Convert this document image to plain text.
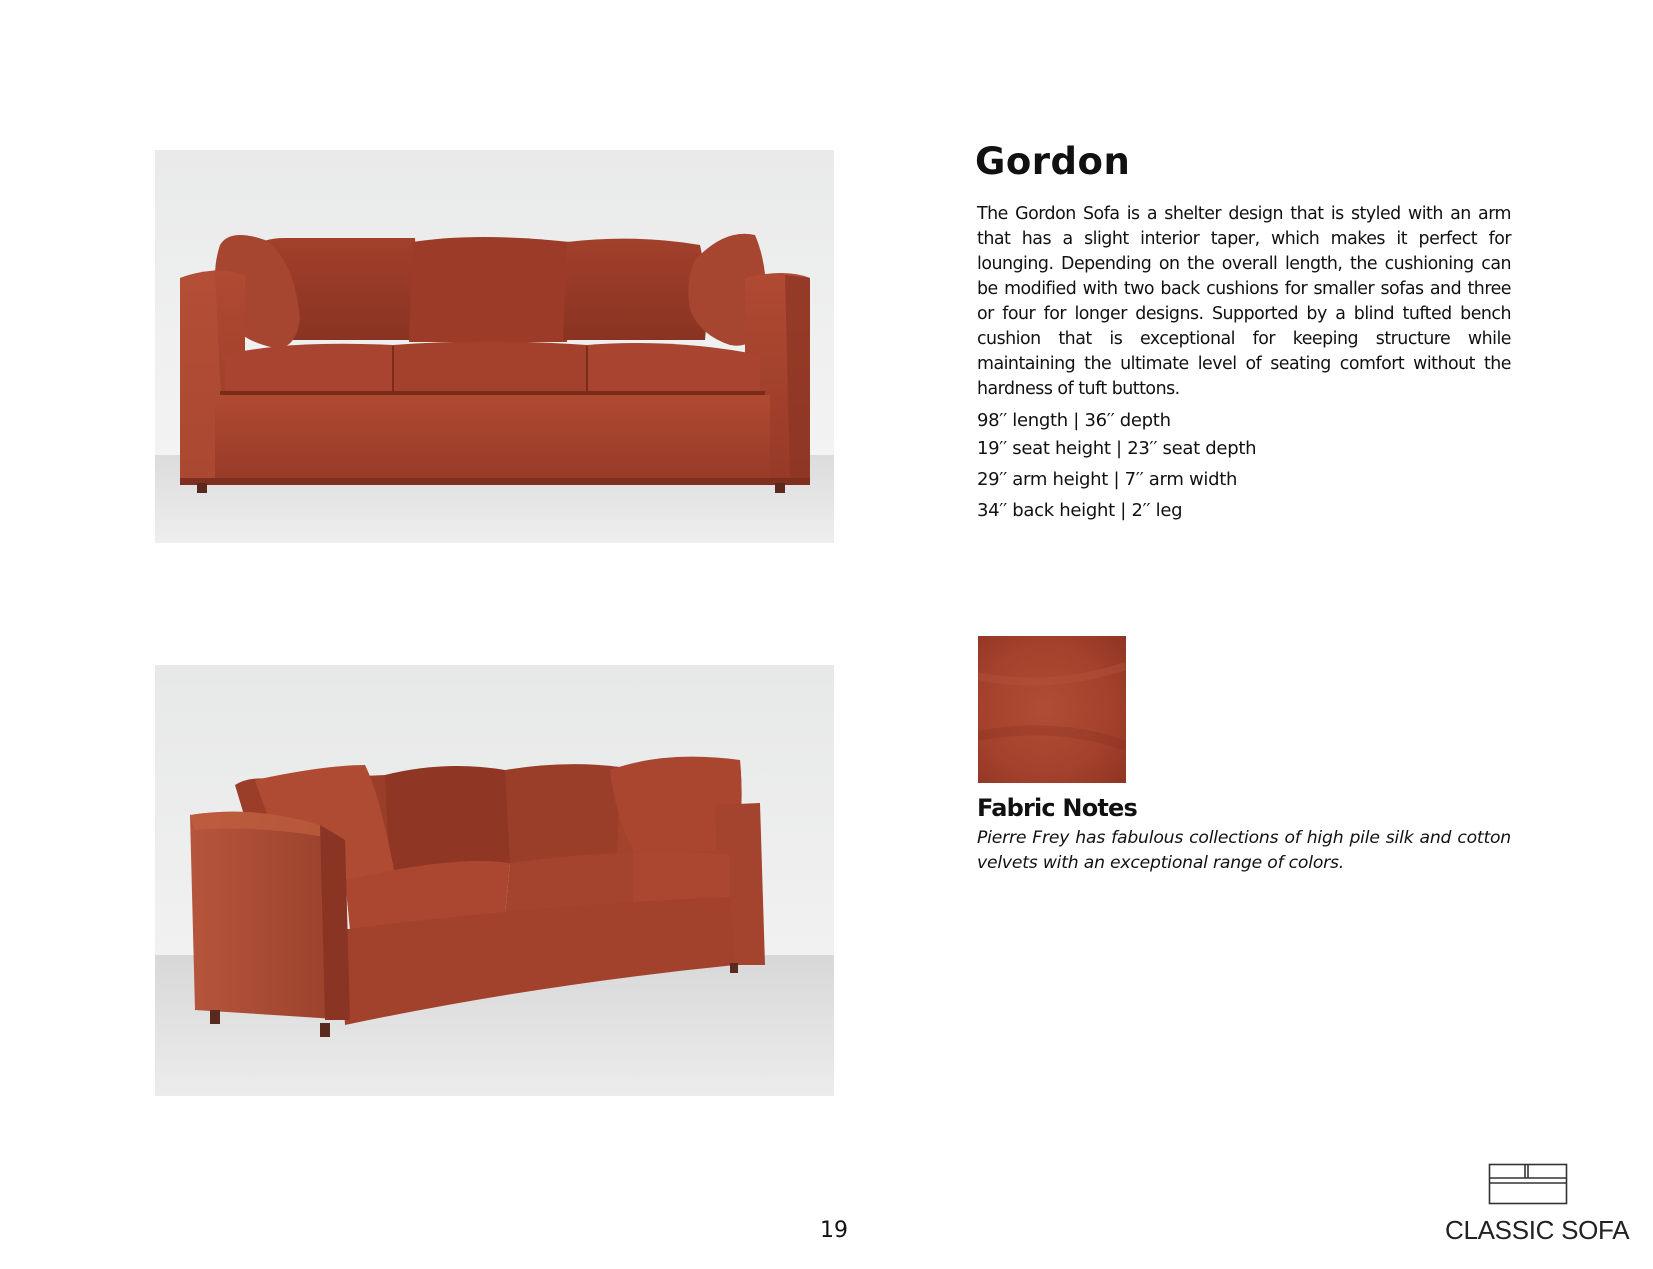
Gordon

The Gordon Sofa is a shelter design that is styled with an arm that has a slight interior taper, which makes it perfect for lounging. Depending on the overall length, the cushioning can be modified with two back cushions for smaller sofas and three or four for longer designs. Supported by a blind tufted bench cushion that is exceptional for keeping structure while maintaining the ultimate level of seating comfort without the hardness of tuft buttons.

98′′ length | 36′′ depth
19′′ seat height | 23′′ seat depth
29′′ arm height | 7′′ arm width
34′′ back height | 2′′ leg
Fabric Notes

Pierre Frey has fabulous collections of high pile silk and cotton velvets with an exceptional range of colors.

19	CLASSIC SOFA
